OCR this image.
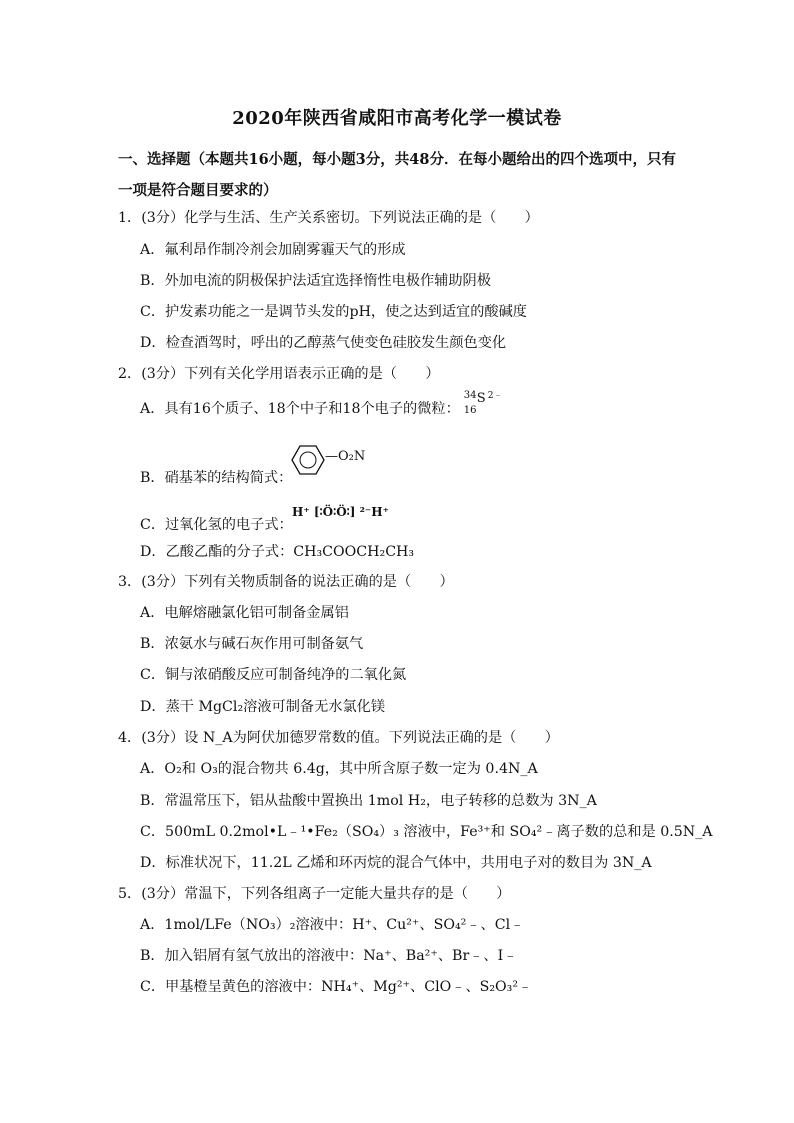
2020年陕西省咸阳市高考化学一模试卷
一、选择题（本题共16小题，每小题3分，共48分．在每小题给出的四个选项中，只有一项是符合题目要求的）
1．(3分）化学与生活、生产关系密切。下列说法正确的是（　　）
A．氟利昂作制冷剂会加剧雾霾天气的形成
B．外加电流的阴极保护法适宜选择惰性电极作辅助阴极
C．护发素功能之一是调节头发的pH，使之达到适宜的酸碱度
D．检查酒驾时，呼出的乙醇蒸气使变色硅胶发生颜色变化
2．(3分）下列有关化学用语表示正确的是（　　）
A．具有16个质子、18个中子和18个电子的微粒：
34
16
S 2﹣
B．硝基苯的结构简式：
—O₂N
C．过氧化氢的电子式：
H⁺ [∶Ö∶Ö∶] ²⁻H⁺
D．乙酸乙酯的分子式：CH₃COOCH₂CH₃
3．(3分）下列有关物质制备的说法正确的是（　　）
A．电解熔融氯化铝可制备金属铝
B．浓氨水与碱石灰作用可制备氨气
C．铜与浓硝酸反应可制备纯净的二氧化氮
D．蒸干 MgCl₂溶液可制备无水氯化镁
4．(3分）设 N_A为阿伏加德罗常数的值。下列说法正确的是（　　）
A．O₂和 O₃的混合物共 6.4g，其中所含原子数一定为 0.4N_A
B．常温常压下，铝从盐酸中置换出 1mol H₂，电子转移的总数为 3N_A
C．500mL 0.2mol•L﹣¹•Fe₂（SO₄）₃ 溶液中，Fe³⁺和 SO₄²﹣离子数的总和是 0.5N_A
D．标准状况下，11.2L 乙烯和环丙烷的混合气体中，共用电子对的数目为 3N_A
5．(3分）常温下，下列各组离子一定能大量共存的是（　　）
A．1mol/LFe（NO₃）₂溶液中：H⁺、Cu²⁺、SO₄²﹣、Cl﹣
B．加入铝屑有氢气放出的溶液中：Na⁺、Ba²⁺、Br﹣、I﹣
C．甲基橙呈黄色的溶液中：NH₄⁺、Mg²⁺、ClO﹣、S₂O₃²﹣
